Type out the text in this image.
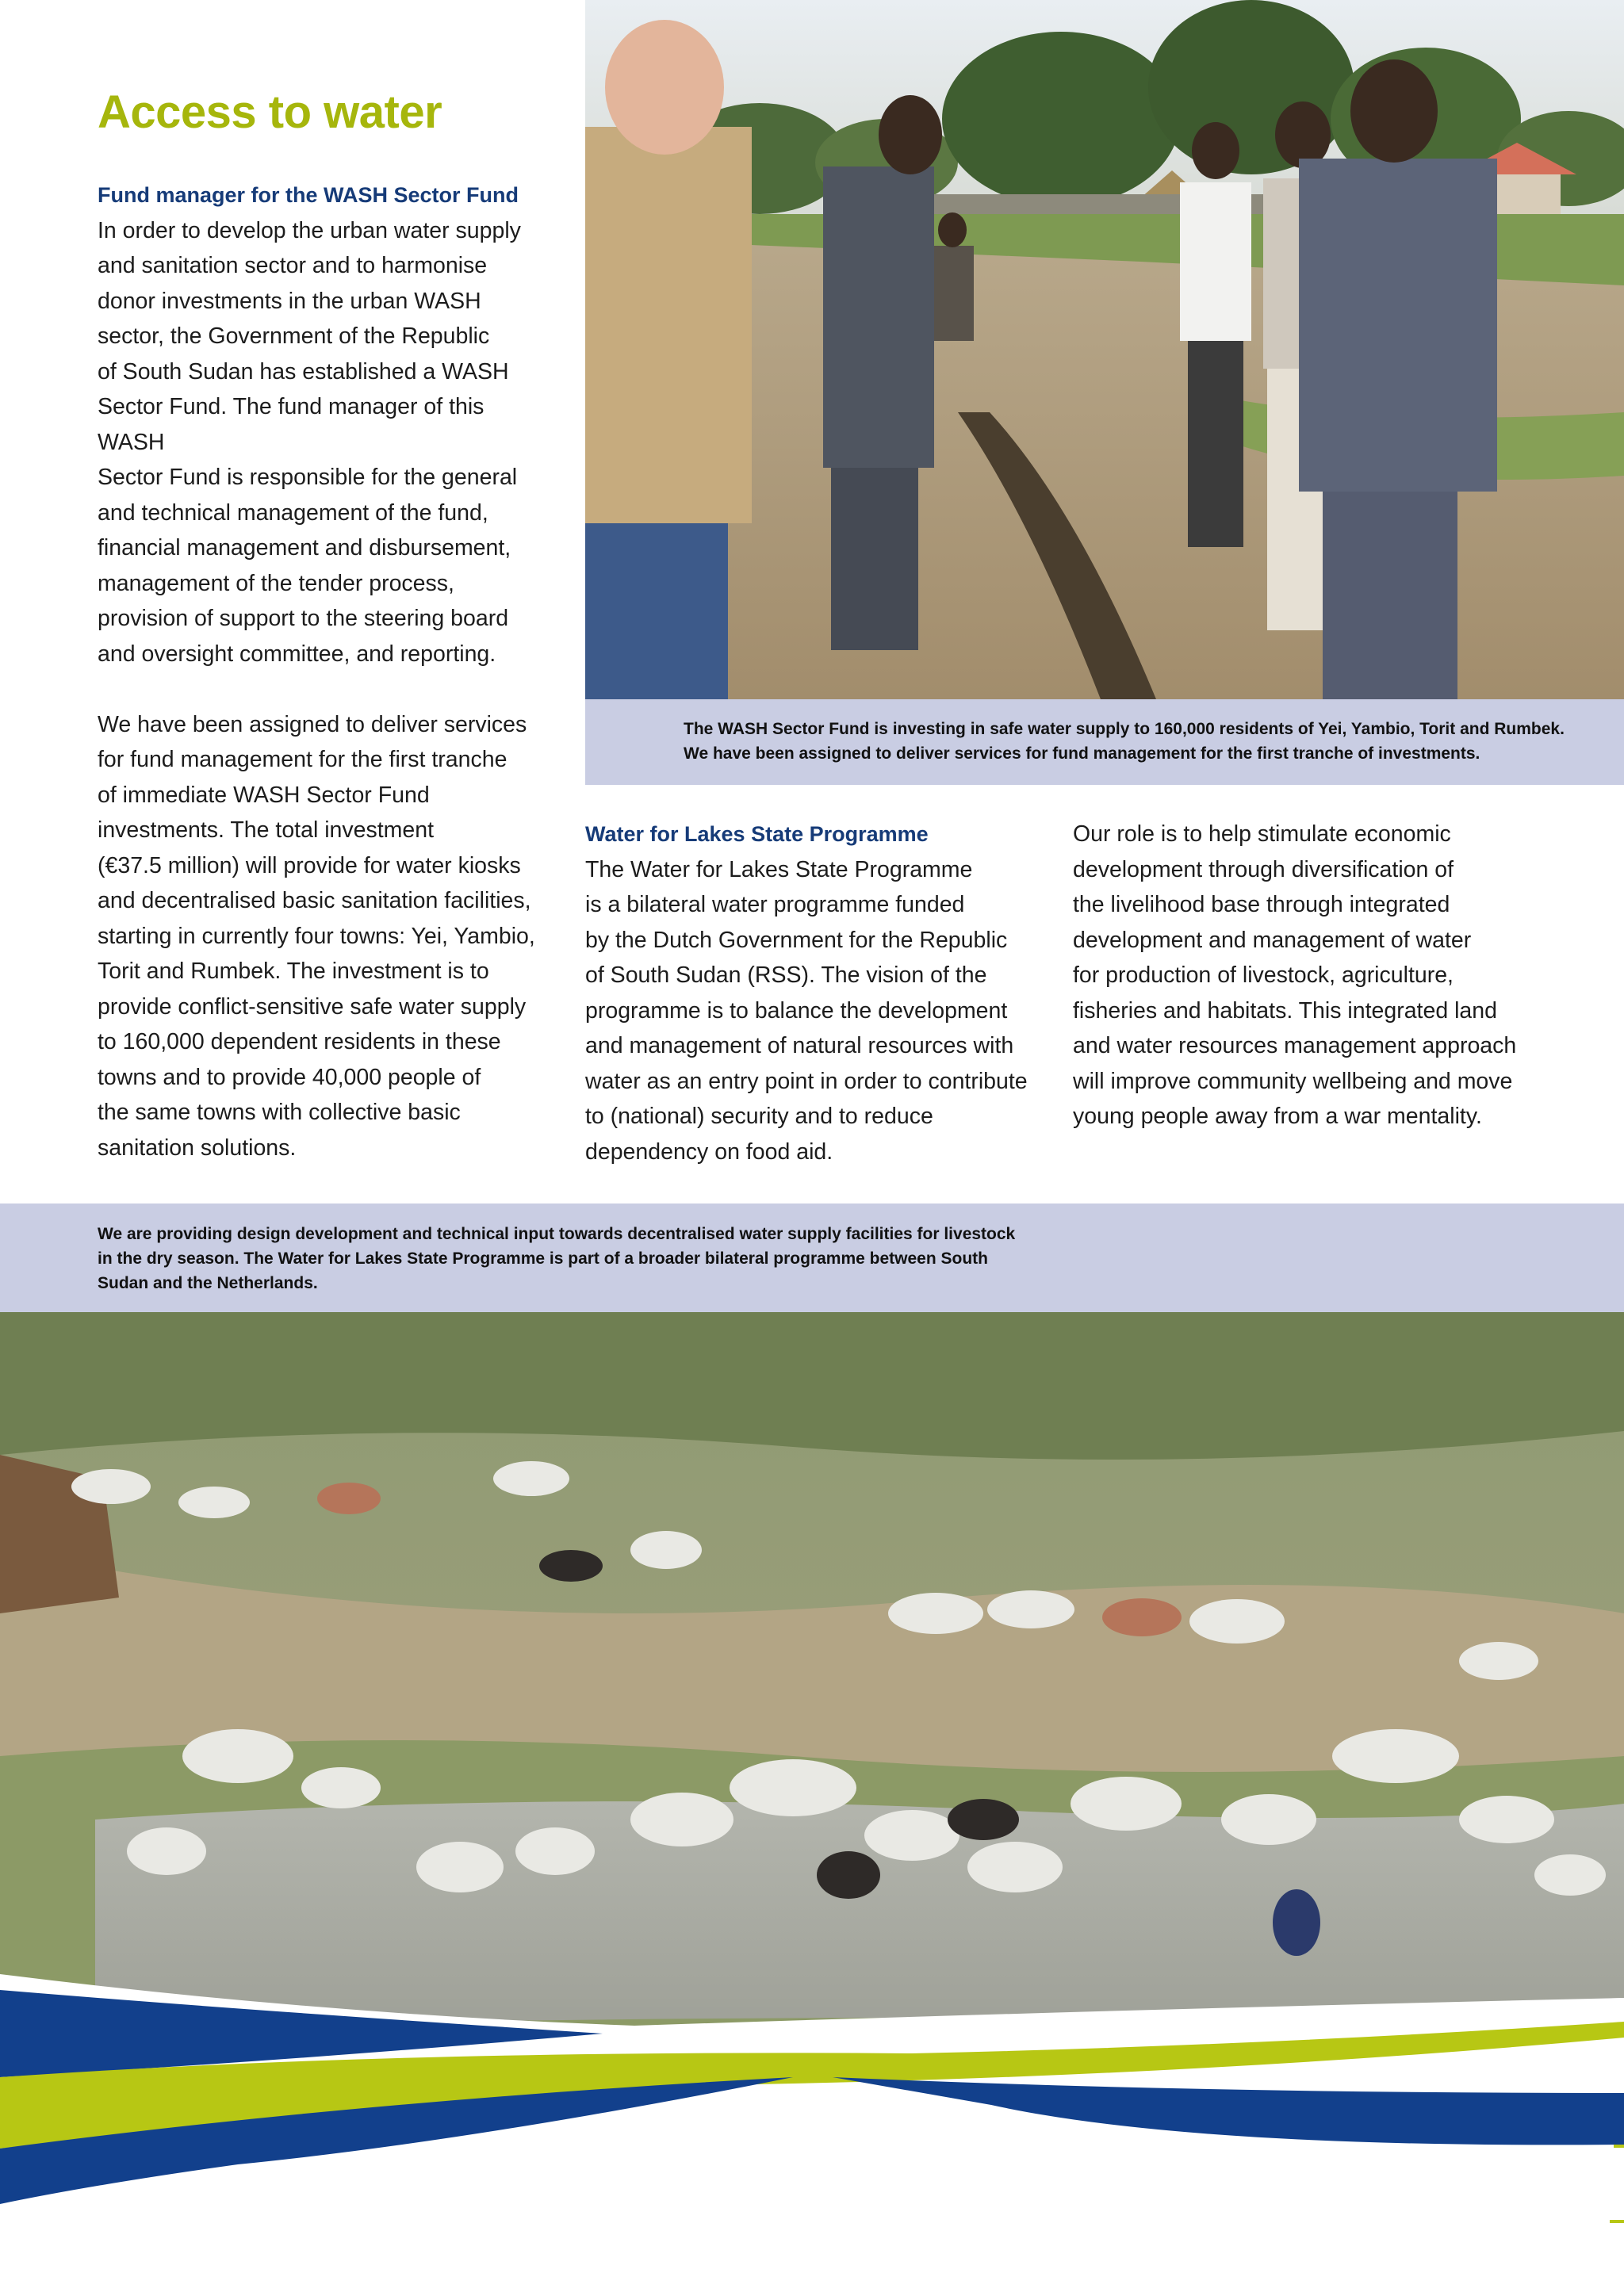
Access to water
Fund manager for the WASH Sector Fund

In order to develop the urban water supply

and sanitation sector and to harmonise

donor investments in the urban WASH

sector, the Government of the Republic

of South Sudan has established a WASH

Sector Fund. The fund manager of this WASH

Sector Fund is responsible for the general

and technical management of the fund,

financial management and disbursement,

management of the tender process,

provision of support to the steering board

and oversight committee, and reporting.

We have been assigned to deliver services

for fund management for the first tranche

of immediate WASH Sector Fund

investments. The total investment

(€37.5 million) will provide for water kiosks

and decentralised basic sanitation facilities,

starting in currently four towns: Yei, Yambio,

Torit and Rumbek. The investment is to

provide conflict-sensitive safe water supply

to 160,000 dependent residents in these

towns and to provide 40,000 people of

the same towns with collective basic

sanitation solutions.

The WASH Sector Fund is investing in safe water supply to 160,000 residents of Yei, Yambio, Torit and Rumbek.

We have been assigned to deliver services for fund management for the first tranche of investments.

Water for Lakes State Programme

The Water for Lakes State Programme

is a bilateral water programme funded

by the Dutch Government for the Republic

of South Sudan (RSS). The vision of the

programme is to balance the development

and management of natural resources with

water as an entry point in order to contribute

to (national) security and to reduce

dependency on food aid.

Our role is to help stimulate economic

development through diversification of

the livelihood base through integrated

development and management of water

for production of livestock, agriculture,

fisheries and habitats. This integrated land

and water resources management approach

will improve community wellbeing and move

young people away from a war mentality.

We are providing design development and technical input towards decentralised water supply facilities for livestock

in the dry season. The Water for Lakes State Programme is part of a broader bilateral programme between South

Sudan and the Netherlands.
